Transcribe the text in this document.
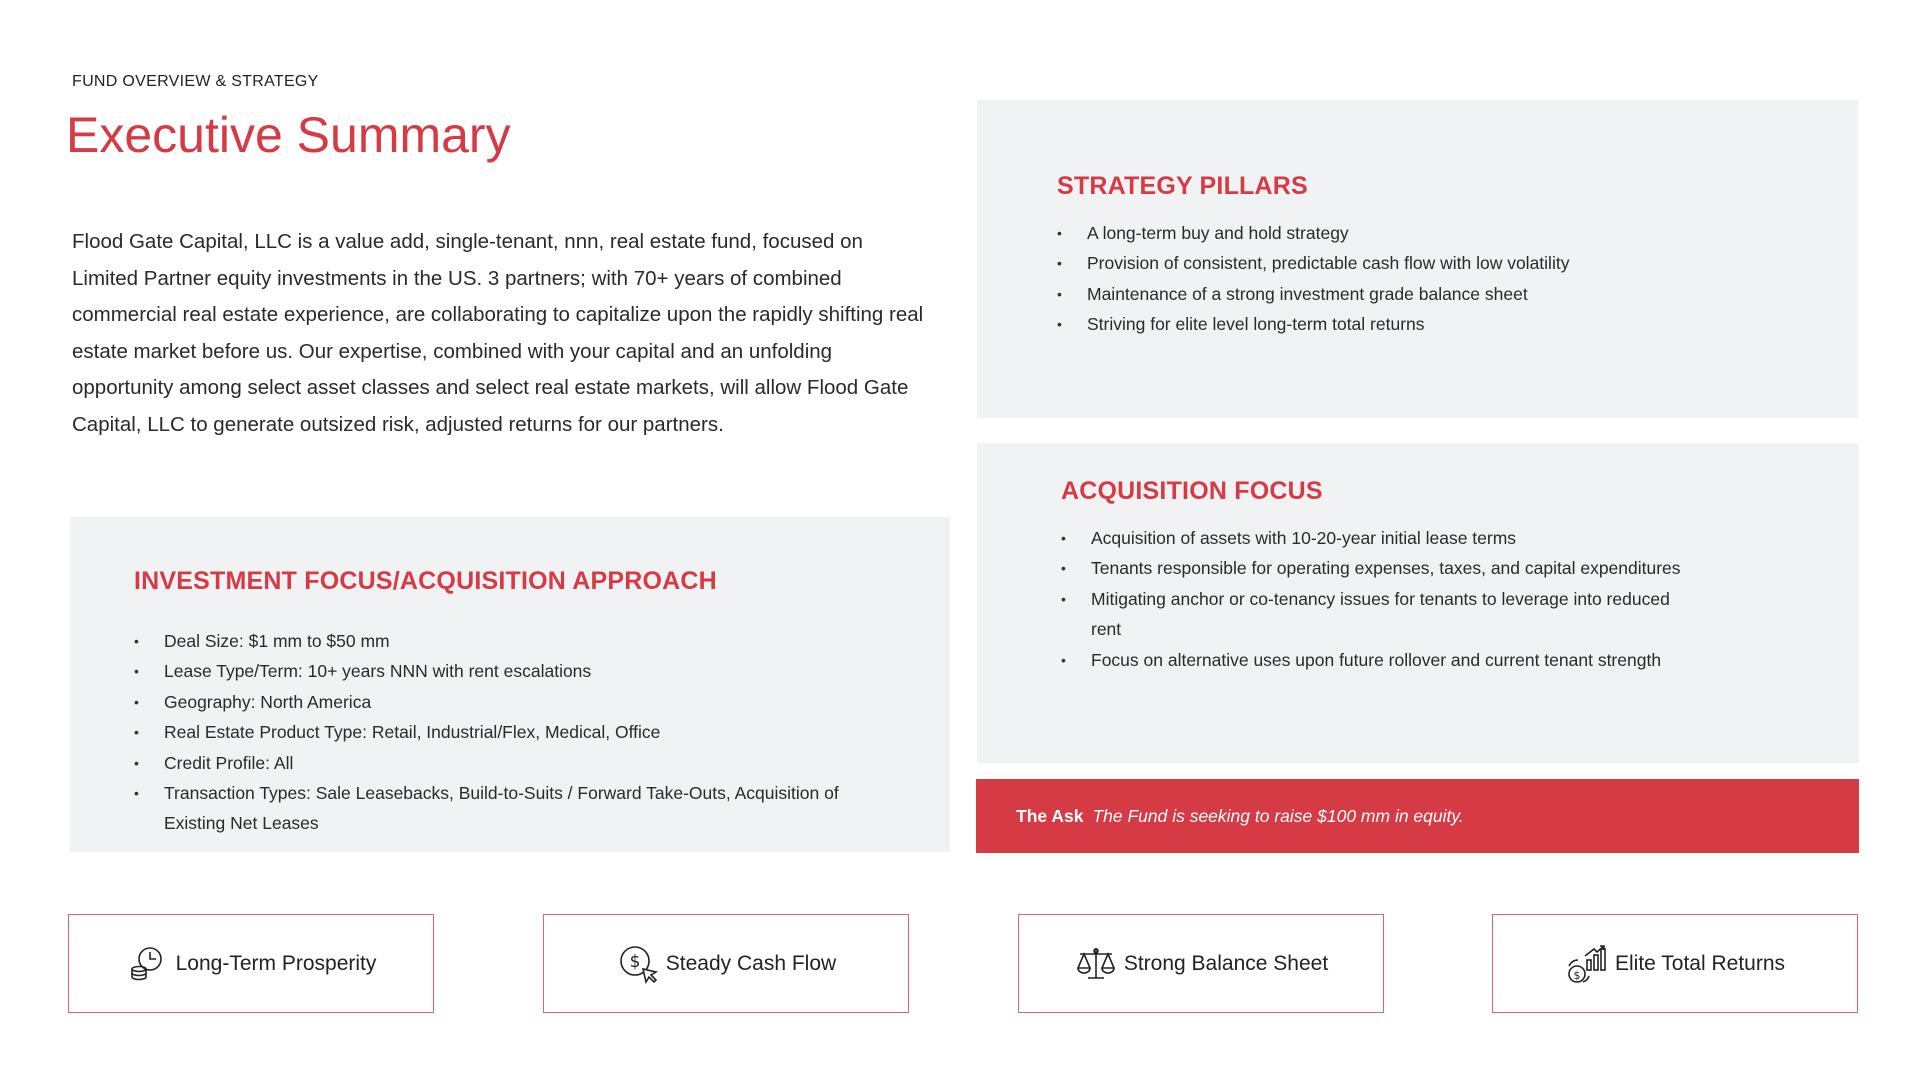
FUND OVERVIEW & STRATEGY
Executive Summary

Flood Gate Capital, LLC is a value add, single-tenant, nnn, real estate fund, focused on Limited Partner equity investments in the US. 3 partners; with 70+ years of combined commercial real estate experience, are collaborating to capitalize upon the rapidly shifting real estate market before us. Our expertise, combined with your capital and an unfolding opportunity among select asset classes and select real estate markets, will allow Flood Gate Capital, LLC to generate outsized risk, adjusted returns for our partners.

INVESTMENT FOCUS/ACQUISITION APPROACH
• Deal Size: $1 mm to $50 mm
• Lease Type/Term: 10+ years NNN with rent escalations
• Geography: North America
• Real Estate Product Type: Retail, Industrial/Flex, Medical, Office
• Credit Profile: All
• Transaction Types: Sale Leasebacks, Build-to-Suits / Forward Take-Outs, Acquisition of Existing Net Leases
STRATEGY PILLARS
• A long-term buy and hold strategy
• Provision of consistent, predictable cash flow with low volatility
• Maintenance of a strong investment grade balance sheet
• Striving for elite level long-term total returns
ACQUISITION FOCUS
• Acquisition of assets with 10-20-year initial lease terms
• Tenants responsible for operating expenses, taxes, and capital expenditures
• Mitigating anchor or co-tenancy issues for tenants to leverage into reduced rent
• Focus on alternative uses upon future rollover and current tenant strength
The Ask The Fund is seeking to raise $100 mm in equity.
Long-Term Prosperity	$ Steady Cash Flow	Strong Balance Sheet
$
Elite Total Returns
